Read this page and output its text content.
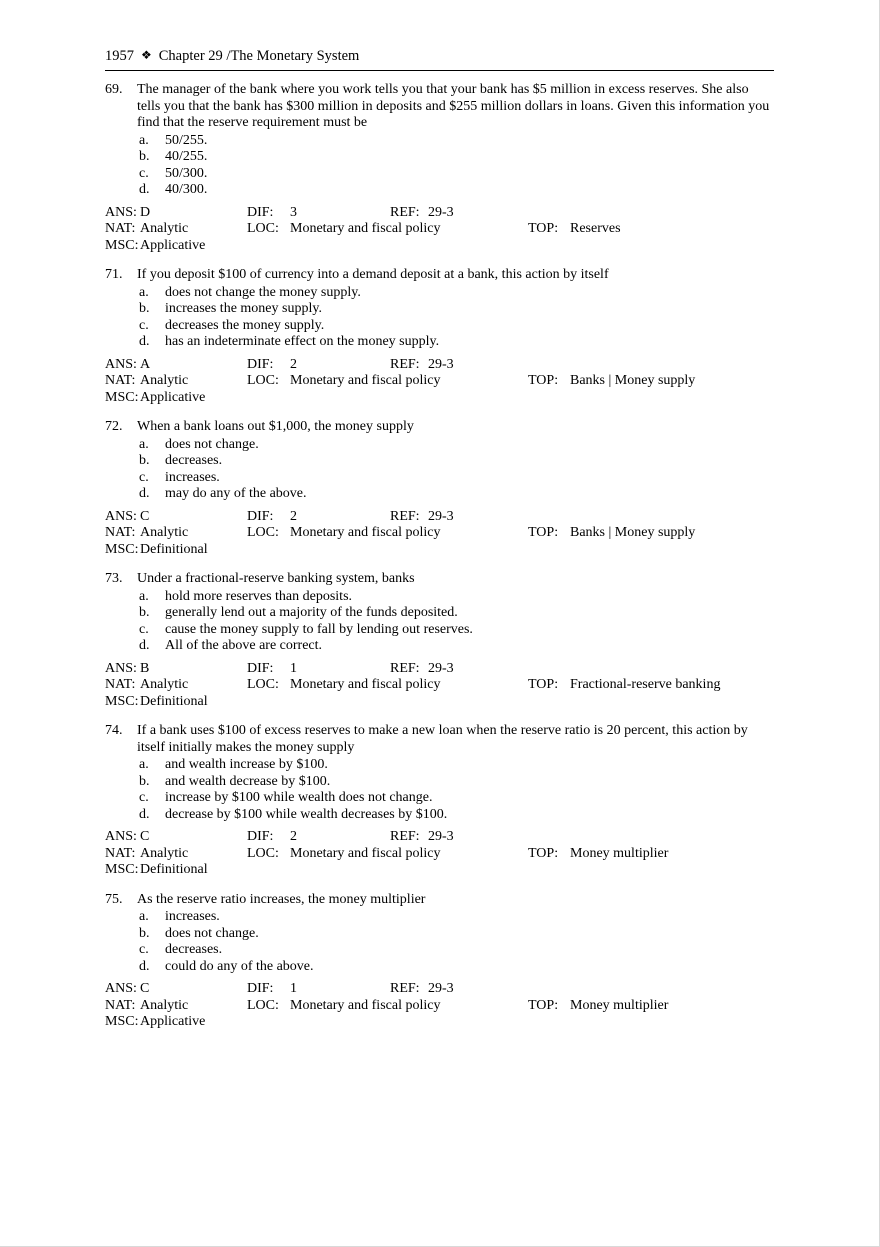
1957 ❖ Chapter 29 /The Monetary System
69.	The manager of the bank where you work tells you that your bank has $5 million in excess reserves. She also tells you that the bank has $300 million in deposits and $255 million dollars in loans. Given this information you find that the reserve requirement must be
a.	50/255.
b.	40/255.
c.	50/300.
d.	40/300.
ANS: D	DIF: 3	REF: 29-3
NAT: Analytic	LOC: Monetary and fiscal policy	TOP: Reserves
MSC: Applicative
71.	If you deposit $100 of currency into a demand deposit at a bank, this action by itself
a.	does not change the money supply.
b.	increases the money supply.
c.	decreases the money supply.
d.	has an indeterminate effect on the money supply.
ANS: A	DIF: 2	REF: 29-3
NAT: Analytic	LOC: Monetary and fiscal policy	TOP: Banks | Money supply
MSC: Applicative
72.	When a bank loans out $1,000, the money supply
a.	does not change.
b.	decreases.
c.	increases.
d.	may do any of the above.
ANS: C	DIF: 2	REF: 29-3
NAT: Analytic	LOC: Monetary and fiscal policy	TOP: Banks | Money supply
MSC: Definitional
73.	Under a fractional-reserve banking system, banks
a.	hold more reserves than deposits.
b.	generally lend out a majority of the funds deposited.
c.	cause the money supply to fall by lending out reserves.
d.	All of the above are correct.
ANS: B	DIF: 1	REF: 29-3
NAT: Analytic	LOC: Monetary and fiscal policy	TOP: Fractional-reserve banking
MSC: Definitional
74.	If a bank uses $100 of excess reserves to make a new loan when the reserve ratio is 20 percent, this action by itself initially makes the money supply
a.	and wealth increase by $100.
b.	and wealth decrease by $100.
c.	increase by $100 while wealth does not change.
d.	decrease by $100 while wealth decreases by $100.
ANS: C	DIF: 2	REF: 29-3
NAT: Analytic	LOC: Monetary and fiscal policy	TOP: Money multiplier
MSC: Definitional
75.	As the reserve ratio increases, the money multiplier
a.	increases.
b.	does not change.
c.	decreases.
d.	could do any of the above.
ANS: C	DIF: 1	REF: 29-3
NAT: Analytic	LOC: Monetary and fiscal policy	TOP: Money multiplier
MSC: Applicative
